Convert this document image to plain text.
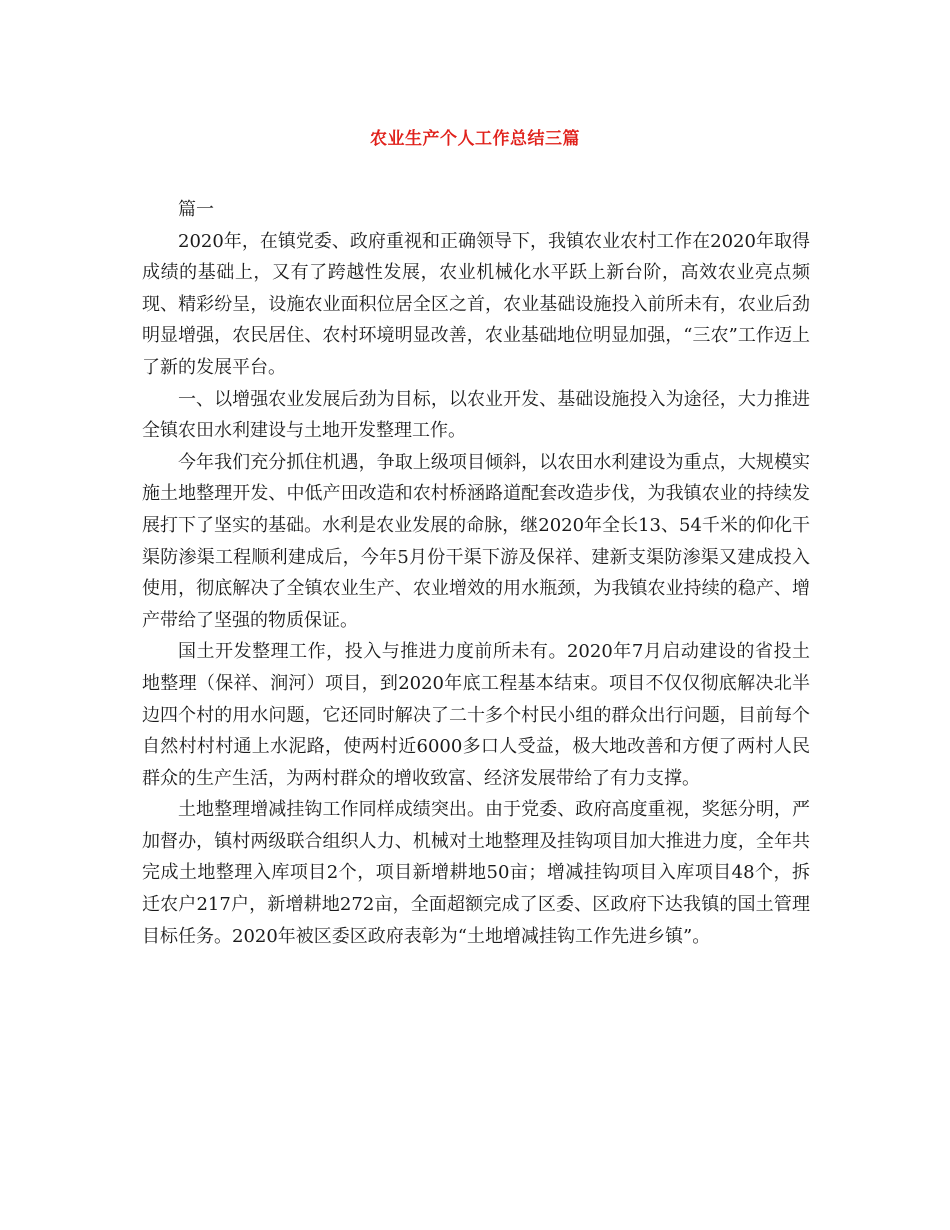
农业生产个人工作总结三篇

篇一

2020年，在镇党委、政府重视和正确领导下，我镇农业农村工作在2020年取得成绩的基础上，又有了跨越性发展，农业机械化水平跃上新台阶，高效农业亮点频现、精彩纷呈，设施农业面积位居全区之首，农业基础设施投入前所未有，农业后劲明显增强，农民居住、农村环境明显改善，农业基础地位明显加强，“三农”工作迈上了新的发展平台。

一、以增强农业发展后劲为目标，以农业开发、基础设施投入为途径，大力推进全镇农田水利建设与土地开发整理工作。

今年我们充分抓住机遇，争取上级项目倾斜，以农田水利建设为重点，大规模实施土地整理开发、中低产田改造和农村桥涵路道配套改造步伐，为我镇农业的持续发展打下了坚实的基础。水利是农业发展的命脉，继2020年全长13、54千米的仰化干渠防渗渠工程顺利建成后，今年5月份干渠下游及保祥、建新支渠防渗渠又建成投入使用，彻底解决了全镇农业生产、农业增效的用水瓶颈，为我镇农业持续的稳产、增产带给了坚强的物质保证。

国土开发整理工作，投入与推进力度前所未有。2020年7月启动建设的省投土地整理（保祥、涧河）项目，到2020年底工程基本结束。项目不仅仅彻底解决北半边四个村的用水问题，它还同时解决了二十多个村民小组的群众出行问题，目前每个自然村村村通上水泥路，使两村近6000多口人受益，极大地改善和方便了两村人民群众的生产生活，为两村群众的增收致富、经济发展带给了有力支撑。

土地整理增减挂钩工作同样成绩突出。由于党委、政府高度重视，奖惩分明，严加督办，镇村两级联合组织人力、机械对土地整理及挂钩项目加大推进力度，全年共完成土地整理入库项目2个，项目新增耕地50亩；增减挂钩项目入库项目48个，拆迁农户217户，新增耕地272亩，全面超额完成了区委、区政府下达我镇的国土管理目标任务。2020年被区委区政府表彰为“土地增减挂钩工作先进乡镇”。
